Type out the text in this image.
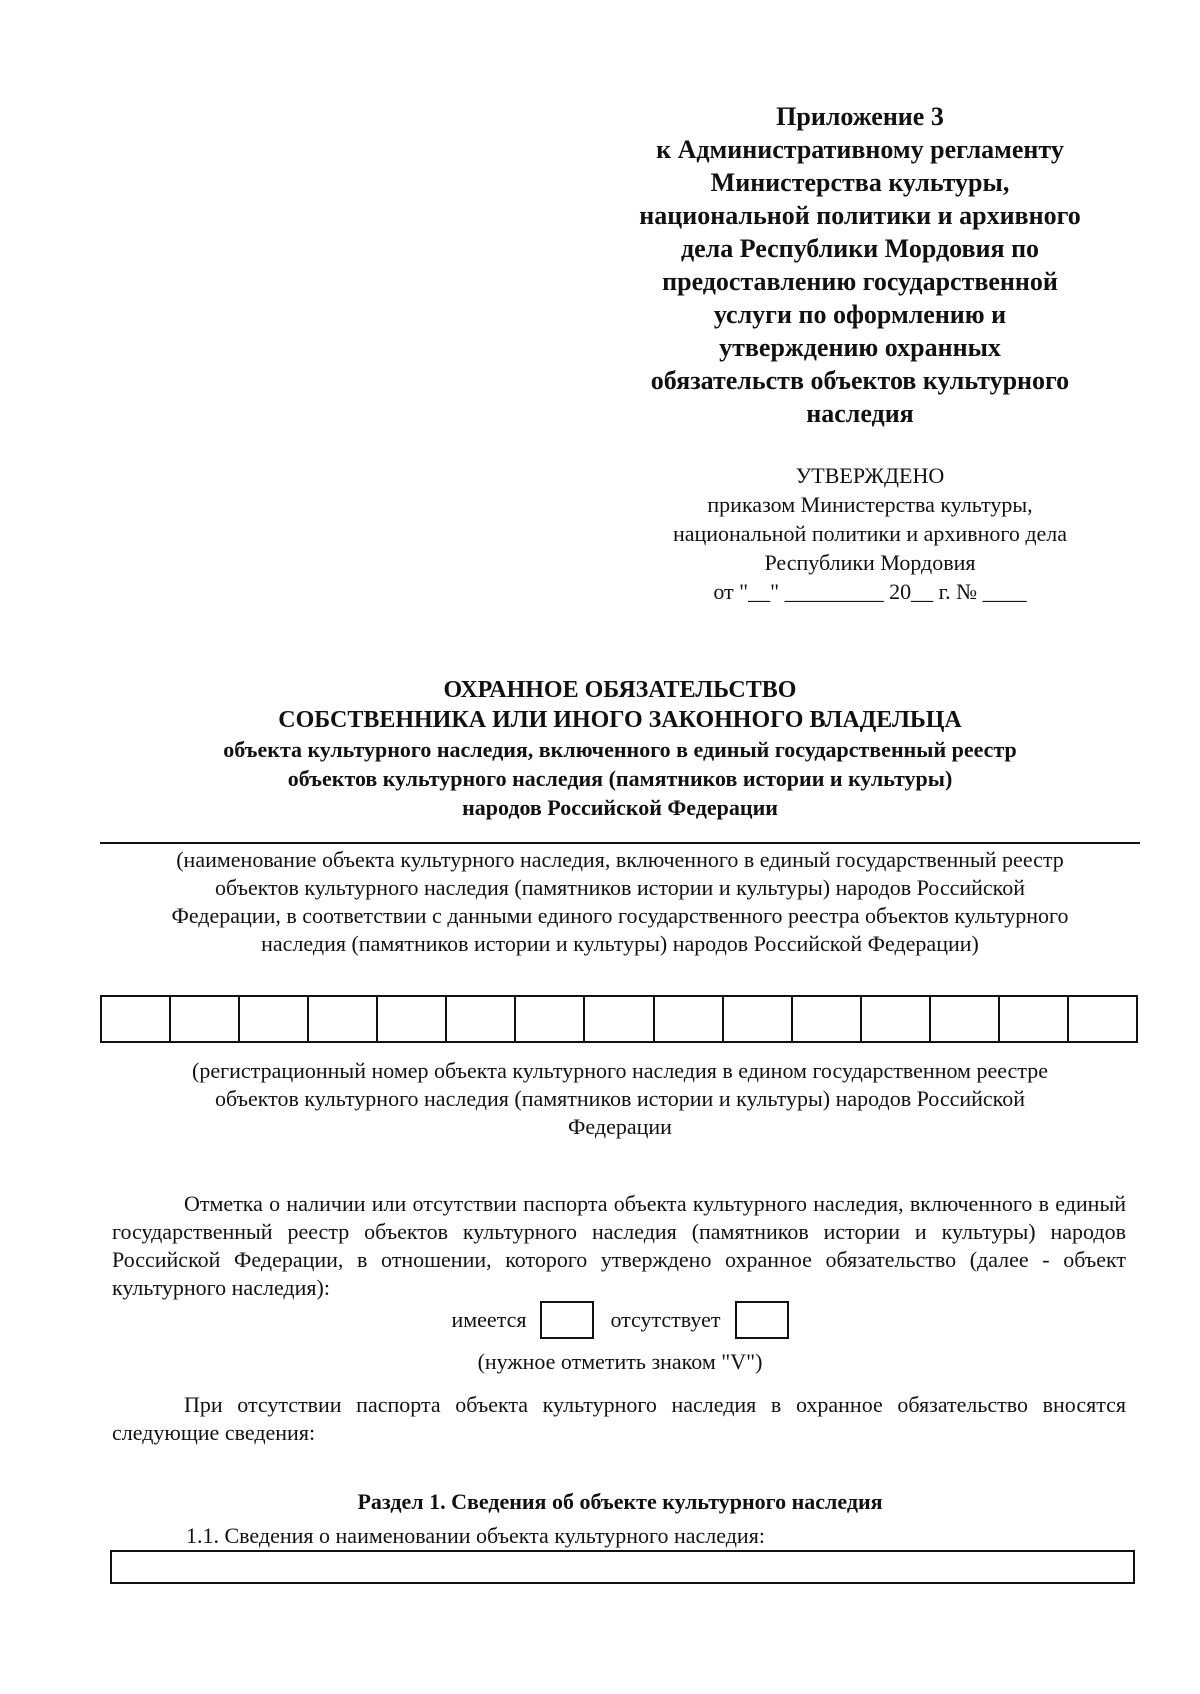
Приложение 3
к Административному регламенту
Министерства культуры,
национальной политики и архивного
дела Республики Мордовия по
предоставлению государственной
услуги по оформлению и
утверждению охранных
обязательств объектов культурного
наследия
УТВЕРЖДЕНО
приказом Министерства культуры,
национальной политики и архивного дела
Республики Мордовия
от "__" _________ 20__ г. № ____
ОХРАННОЕ ОБЯЗАТЕЛЬСТВО
СОБСТВЕННИКА ИЛИ ИНОГО ЗАКОННОГО ВЛАДЕЛЬЦА
объекта культурного наследия, включенного в единый государственный реестр
объектов культурного наследия (памятников истории и культуры)
народов Российской Федерации
(наименование объекта культурного наследия, включенного в единый государственный реестр
объектов культурного наследия (памятников истории и культуры) народов Российской
Федерации, в соответствии с данными единого государственного реестра объектов культурного
наследия (памятников истории и культуры) народов Российской Федерации)
(регистрационный номер объекта культурного наследия в едином государственном реестре
объектов культурного наследия (памятников истории и культуры) народов Российской
Федерации
Отметка о наличии или отсутствии паспорта объекта культурного наследия, включенного в единый государственный реестр объектов культурного наследия (памятников истории и культуры) народов Российской Федерации, в отношении, которого утверждено охранное обязательство (далее - объект культурного наследия):
имеется	отсутствует
(нужное отметить знаком "V")
При отсутствии паспорта объекта культурного наследия в охранное обязательство вносятся следующие сведения:
Раздел 1. Сведения об объекте культурного наследия
1.1. Сведения о наименовании объекта культурного наследия:
